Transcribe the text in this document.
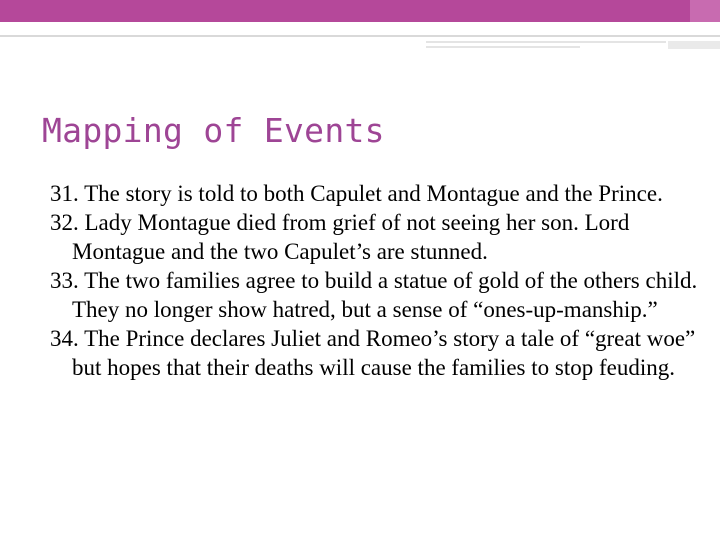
Mapping of Events
31. The story is told to both Capulet and Montague and the Prince.
32. Lady Montague died from grief of not seeing her son. Lord Montague and the two Capulet’s are stunned.
33. The two families agree to build a statue of gold of the others child. They no longer show hatred, but a sense of “ones-up-manship.”
34. The Prince declares Juliet and Romeo’s story a tale of “great woe” but hopes that their deaths will cause the families to stop feuding.
